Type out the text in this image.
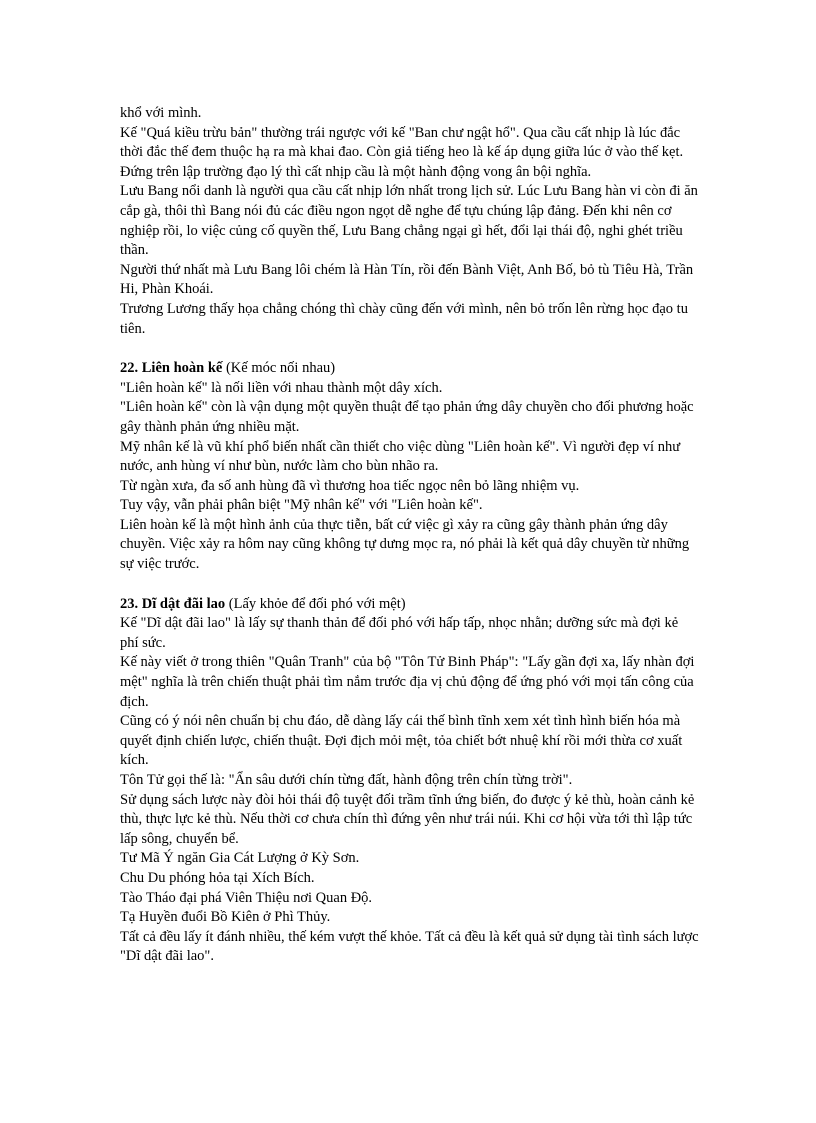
khổ với mình.

Kế "Quá kiều trừu bản" thường trái ngược với kế "Ban chư ngật hổ". Qua cầu cất nhịp là lúc đắc thời đắc thế đem thuộc hạ ra mà khai đao. Còn giả tiếng heo là kế áp dụng giữa lúc ở vào thế kẹt.

Đứng trên lập trường đạo lý thì cất nhịp cầu là một hành động vong ân bội nghĩa.

Lưu Bang nổi danh là người qua cầu cất nhịp lớn nhất trong lịch sử. Lúc Lưu Bang hàn vi còn đi ăn cắp gà, thôi thì Bang nói đủ các điều ngon ngọt dễ nghe để tựu chúng lập đảng. Đến khi nên cơ nghiệp rồi, lo việc củng cố quyền thế, Lưu Bang chẳng ngại gì hết, đổi lại thái độ, nghi ghét triều thần.

Người thứ nhất mà Lưu Bang lôi chém là Hàn Tín, rồi đến Bành Việt, Anh Bố, bỏ tù Tiêu Hà, Trần Hi, Phàn Khoái.

Trương Lương thấy họa chẳng chóng thì chày cũng đến với mình, nên bỏ trốn lên rừng học đạo tu tiên.

22. Liên hoàn kế (Kế móc nối nhau)

"Liên hoàn kế" là nối liền với nhau thành một dây xích.

"Liên hoàn kế" còn là vận dụng một quyền thuật để tạo phản ứng dây chuyền cho đối phương hoặc gây thành phản ứng nhiều mặt.

Mỹ nhân kế là vũ khí phổ biến nhất cần thiết cho việc dùng "Liên hoàn kế". Vì người đẹp ví như nước, anh hùng ví như bùn, nước làm cho bùn nhão ra.

Từ ngàn xưa, đa số anh hùng đã vì thương hoa tiếc ngọc nên bỏ lãng nhiệm vụ.

Tuy vậy, vẫn phải phân biệt "Mỹ nhân kế" với "Liên hoàn kế".

Liên hoàn kế là một hình ảnh của thực tiễn, bất cứ việc gì xảy ra cũng gây thành phản ứng dây chuyền. Việc xảy ra hôm nay cũng không tự dưng mọc ra, nó phải là kết quả dây chuyền từ những sự việc trước.

23. Dĩ dật đãi lao (Lấy khỏe để đối phó với mệt)

Kế "Dĩ dật đãi lao" là lấy sự thanh thản để đối phó với hấp tấp, nhọc nhằn; dưỡng sức mà đợi kẻ phí sức.

Kế này viết ở trong thiên "Quân Tranh" của bộ "Tôn Tử Binh Pháp": "Lấy gần đợi xa, lấy nhàn đợi mệt" nghĩa là trên chiến thuật phải tìm nắm trước địa vị chủ động để ứng phó với mọi tấn công của địch.

Cũng có ý nói nên chuẩn bị chu đáo, dễ dàng lấy cái thế bình tĩnh xem xét tình hình biến hóa mà quyết định chiến lược, chiến thuật. Đợi địch mỏi mệt, tỏa chiết bớt nhuệ khí rồi mới thừa cơ xuất kích.

Tôn Tử gọi thế là: "Ẩn sâu dưới chín từng đất, hành động trên chín từng trời".

Sử dụng sách lược này đòi hỏi thái độ tuyệt đối trầm tĩnh ứng biến, đo được ý kẻ thù, hoàn cảnh kẻ thù, thực lực kẻ thù. Nếu thời cơ chưa chín thì đứng yên như trái núi. Khi cơ hội vừa tới thì lập tức lấp sông, chuyển bể.

Tư Mã Ý ngăn Gia Cát Lượng ở Kỳ Sơn.

Chu Du phóng hỏa tại Xích Bích.

Tào Tháo đại phá Viên Thiệu nơi Quan Độ.

Tạ Huyền đuổi Bồ Kiên ở Phì Thủy.

Tất cả đều lấy ít đánh nhiều, thế kém vượt thế khỏe. Tất cả đều là kết quả sử dụng tài tình sách lược "Dĩ dật đãi lao".
